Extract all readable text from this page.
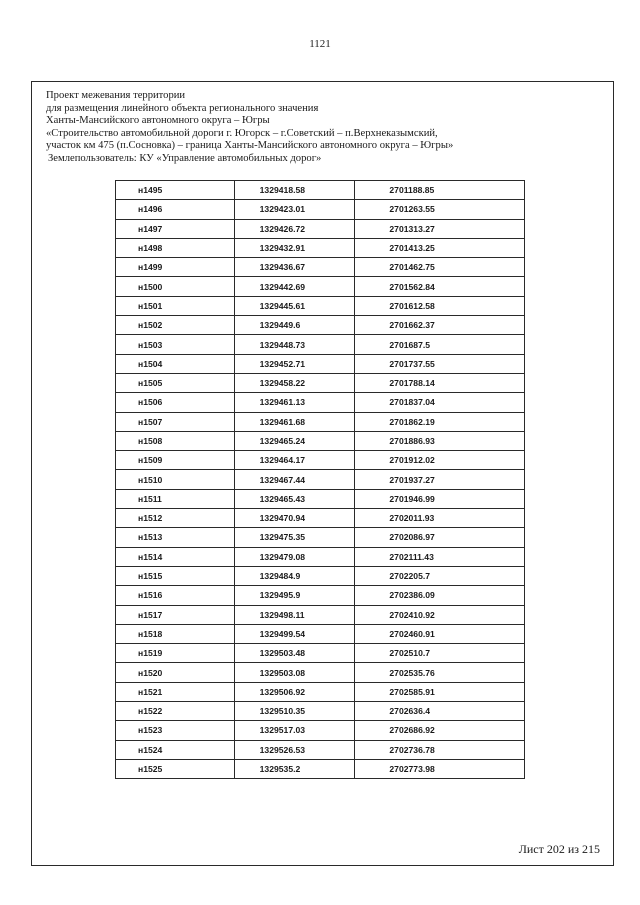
1121
Проект межевания территории
для размещения линейного объекта регионального значения
Ханты-Мансийского автономного округа – Югры
«Строительство автомобильной дороги г. Югорск – г.Советский – п.Верхнеказымский,
участок км 475 (п.Сосновка) – граница Ханты-Мансийского автономного округа – Югры»
Землепользователь: КУ «Управление автомобильных дорог»
н1495	1329418.58	2701188.85
н1496	1329423.01	2701263.55
н1497	1329426.72	2701313.27
н1498	1329432.91	2701413.25
н1499	1329436.67	2701462.75
н1500	1329442.69	2701562.84
н1501	1329445.61	2701612.58
н1502	1329449.6	2701662.37
н1503	1329448.73	2701687.5
н1504	1329452.71	2701737.55
н1505	1329458.22	2701788.14
н1506	1329461.13	2701837.04
н1507	1329461.68	2701862.19
н1508	1329465.24	2701886.93
н1509	1329464.17	2701912.02
н1510	1329467.44	2701937.27
н1511	1329465.43	2701946.99
н1512	1329470.94	2702011.93
н1513	1329475.35	2702086.97
н1514	1329479.08	2702111.43
н1515	1329484.9	2702205.7
н1516	1329495.9	2702386.09
н1517	1329498.11	2702410.92
н1518	1329499.54	2702460.91
н1519	1329503.48	2702510.7
н1520	1329503.08	2702535.76
н1521	1329506.92	2702585.91
н1522	1329510.35	2702636.4
н1523	1329517.03	2702686.92
н1524	1329526.53	2702736.78
н1525	1329535.2	2702773.98
Лист 202 из 215
